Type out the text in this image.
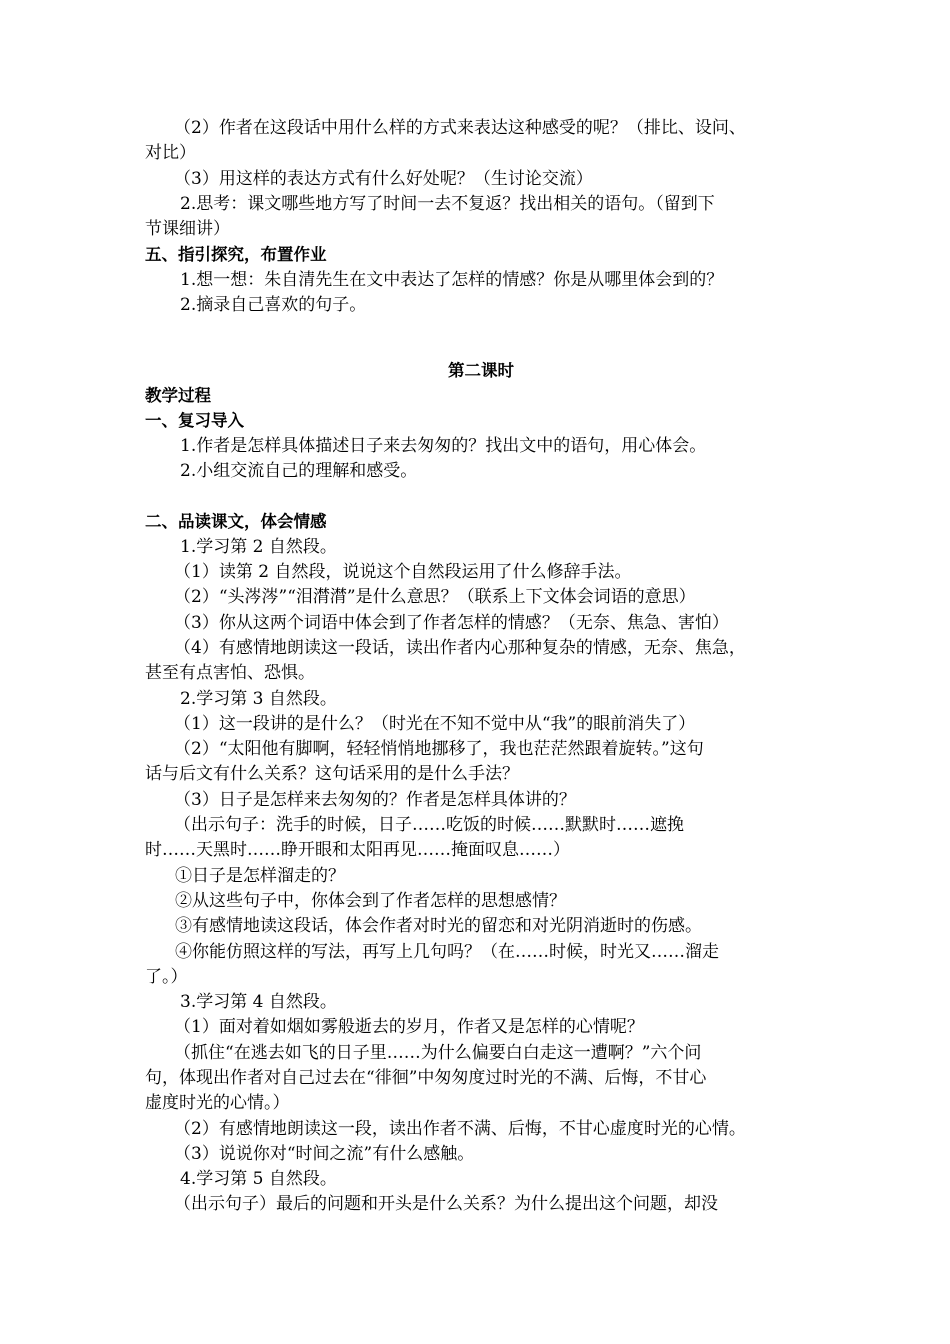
（2）作者在这段话中用什么样的方式来表达这种感受的呢？（排比、设问、
对比）
（3）用这样的表达方式有什么好处呢？（生讨论交流）
2.思考：课文哪些地方写了时间一去不复返？找出相关的语句。（留到下
节课细讲）
五、指引探究，布置作业
1.想一想：朱自清先生在文中表达了怎样的情感？你是从哪里体会到的？
2.摘录自己喜欢的句子。
第二课时
教学过程
一、复习导入
1.作者是怎样具体描述日子来去匆匆的？找出文中的语句，用心体会。
2.小组交流自己的理解和感受。
二、品读课文，体会情感
1.学习第 2 自然段。
（1）读第 2 自然段，说说这个自然段运用了什么修辞手法。
（2）“头涔涔”“泪潸潸”是什么意思？（联系上下文体会词语的意思）
（3）你从这两个词语中体会到了作者怎样的情感？（无奈、焦急、害怕）
（4）有感情地朗读这一段话，读出作者内心那种复杂的情感，无奈、焦急，
甚至有点害怕、恐惧。
2.学习第 3 自然段。
（1）这一段讲的是什么？（时光在不知不觉中从“我”的眼前消失了）
（2）“太阳他有脚啊，轻轻悄悄地挪移了，我也茫茫然跟着旋转。”这句
话与后文有什么关系？这句话采用的是什么手法？
（3）日子是怎样来去匆匆的？作者是怎样具体讲的？
（出示句子：洗手的时候，日子……吃饭的时候……默默时……遮挽
时……天黑时……睁开眼和太阳再见……掩面叹息……）
①日子是怎样溜走的？
②从这些句子中，你体会到了作者怎样的思想感情？
③有感情地读这段话，体会作者对时光的留恋和对光阴消逝时的伤感。
④你能仿照这样的写法，再写上几句吗？（在……时候，时光又……溜走
了。）
3.学习第 4 自然段。
（1）面对着如烟如雾般逝去的岁月，作者又是怎样的心情呢？
（抓住“在逃去如飞的日子里……为什么偏要白白走这一遭啊？”六个问
句，体现出作者对自己过去在“徘徊”中匆匆度过时光的不满、后悔，不甘心
虚度时光的心情。）
（2）有感情地朗读这一段，读出作者不满、后悔，不甘心虚度时光的心情。
（3）说说你对“时间之流”有什么感触。
4.学习第 5 自然段。
（出示句子）最后的问题和开头是什么关系？为什么提出这个问题，却没
